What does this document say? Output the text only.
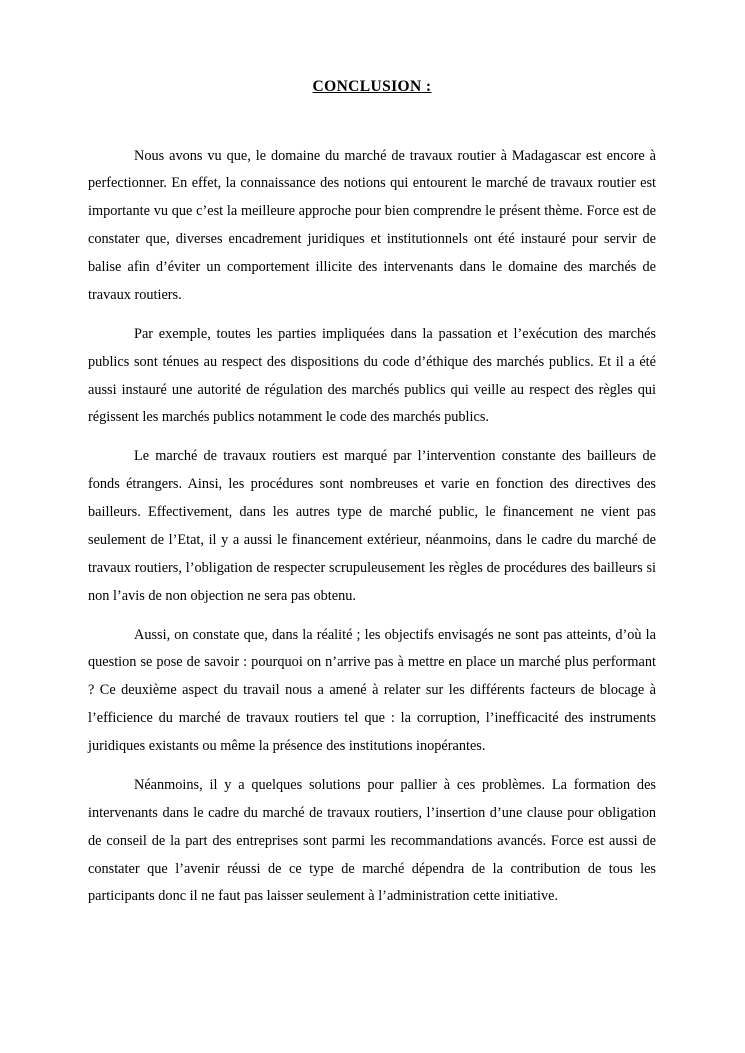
CONCLUSION :

Nous avons vu que, le domaine du marché de travaux routier à Madagascar est encore à perfectionner. En effet, la connaissance des notions qui entourent le marché de travaux routier est importante vu que c’est la meilleure approche pour bien comprendre le présent thème. Force est de constater que, diverses encadrement juridiques et institutionnels ont été instauré pour servir de balise afin d’éviter un comportement illicite des intervenants dans le domaine des marchés de travaux routiers.

Par exemple, toutes les parties impliquées dans la passation et l’exécution des marchés publics sont ténues au respect des dispositions du code d’éthique des marchés publics. Et il a été aussi instauré une autorité de régulation des marchés publics qui veille au respect des règles qui régissent les marchés publics notamment le code des marchés publics.

Le marché de travaux routiers est marqué par l’intervention constante des bailleurs de fonds étrangers. Ainsi, les procédures sont nombreuses et varie en fonction des directives des bailleurs. Effectivement, dans les autres type de marché public, le financement ne vient pas seulement de l’Etat, il y a aussi le financement extérieur, néanmoins, dans le cadre du marché de travaux routiers, l’obligation de respecter scrupuleusement les règles de procédures des bailleurs si non l’avis de non objection ne sera pas obtenu.

Aussi, on constate que, dans la réalité ; les objectifs envisagés ne sont pas atteints, d’où la question se pose de savoir : pourquoi on n’arrive pas à mettre en place un marché plus performant ? Ce deuxième aspect du travail nous a amené à relater sur les différents facteurs de blocage à l’efficience du marché de travaux routiers tel que : la corruption, l’inefficacité des instruments juridiques existants ou même la présence des institutions inopérantes.

Néanmoins, il y a quelques solutions pour pallier à ces problèmes. La formation des intervenants dans le cadre du marché de travaux routiers, l’insertion d’une clause pour obligation de conseil de la part des entreprises sont parmi les recommandations avancés. Force est aussi de constater que l’avenir réussi de ce type de marché dépendra de la contribution de tous les participants donc il ne faut pas laisser seulement à l’administration cette initiative.
